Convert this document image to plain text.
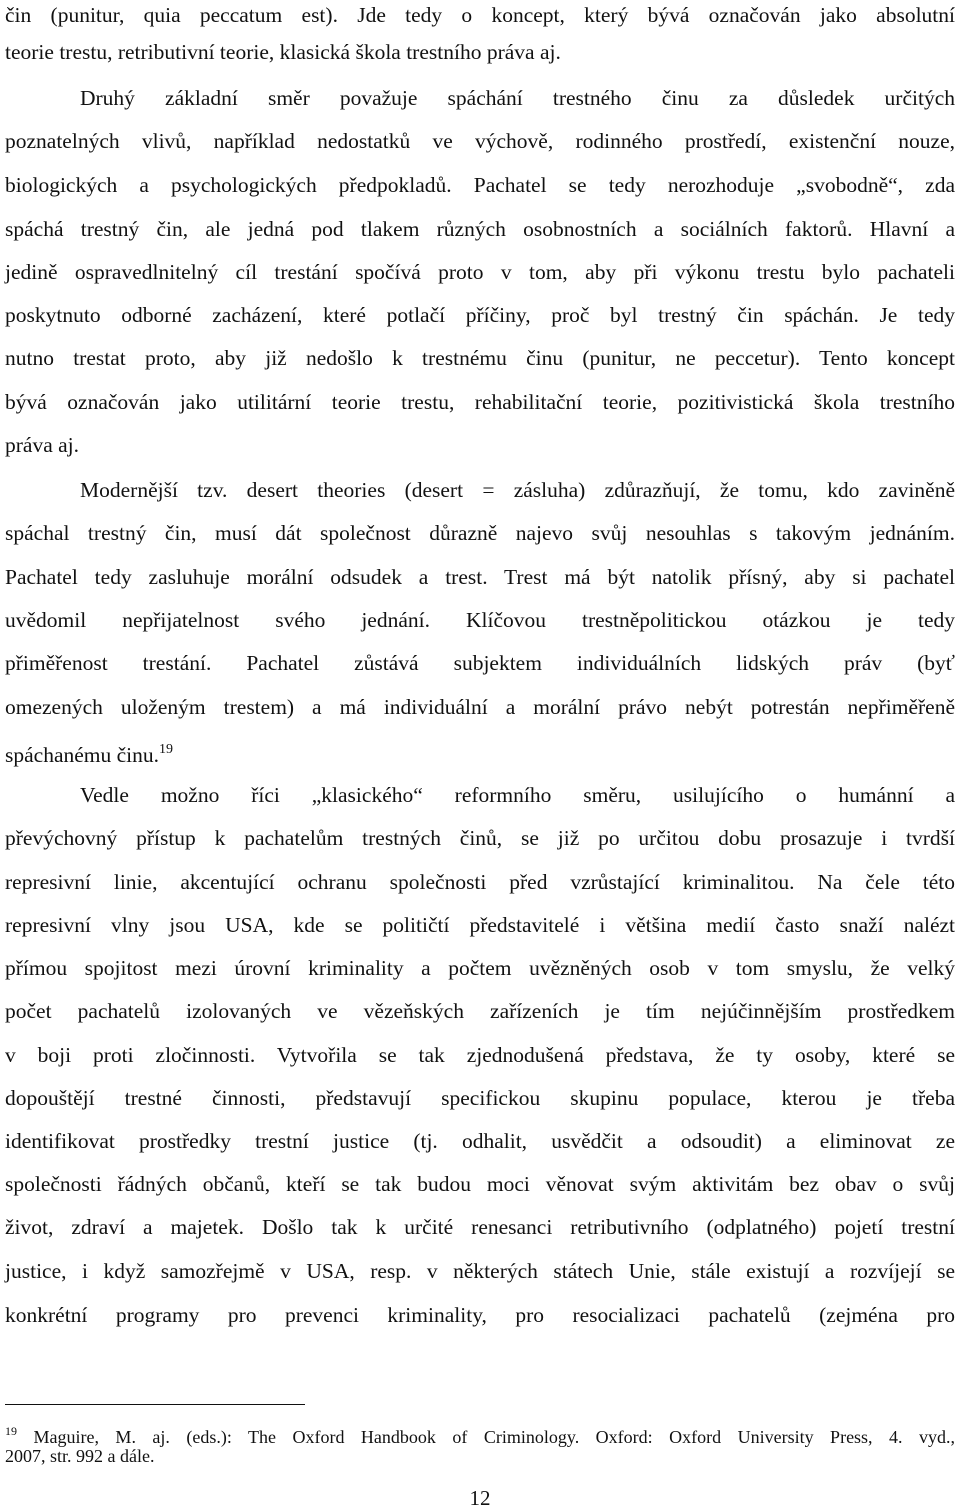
čin (punitur, quia peccatum est). Jde tedy o koncept, který bývá označován jako absolutní
teorie trestu, retributivní teorie, klasická škola trestního práva aj.
Druhý základní směr považuje spáchání trestného činu za důsledek určitých
poznatelných vlivů, například nedostatků ve výchově, rodinného prostředí, existenční nouze,
biologických a psychologických předpokladů. Pachatel se tedy nerozhoduje „svobodně“, zda
spáchá trestný čin, ale jedná pod tlakem různých osobnostních a sociálních faktorů. Hlavní a
jedině ospravedlnitelný cíl trestání spočívá proto v tom, aby při výkonu trestu bylo pachateli
poskytnuto odborné zacházení, které potlačí příčiny, proč byl trestný čin spáchán. Je tedy
nutno trestat proto, aby již nedošlo k trestnému činu (punitur, ne peccetur). Tento koncept
bývá označován jako utilitární teorie trestu, rehabilitační teorie, pozitivistická škola trestního
práva aj.
Modernější tzv. desert theories (desert = zásluha) zdůrazňují, že tomu, kdo zaviněně
spáchal trestný čin, musí dát společnost důrazně najevo svůj nesouhlas s takovým jednáním.
Pachatel tedy zasluhuje morální odsudek a trest. Trest má být natolik přísný, aby si pachatel
uvědomil nepřijatelnost svého jednání. Klíčovou trestněpolitickou otázkou je tedy
přiměřenost trestání. Pachatel zůstává subjektem individuálních lidských práv (byť
omezených uloženým trestem) a má individuální a morální právo nebýt potrestán nepřiměřeně
spáchanému činu.$^{19}$
Vedle možno říci „klasického“ reformního směru, usilujícího o humánní a
převýchovný přístup k pachatelům trestných činů, se již po určitou dobu prosazuje i tvrdší
represivní linie, akcentující ochranu společnosti před vzrůstající kriminalitou. Na čele této
represivní vlny jsou USA, kde se političtí představitelé i většina medií často snaží nalézt
přímou spojitost mezi úrovní kriminality a počtem uvězněných osob v tom smyslu, že velký
počet pachatelů izolovaných ve vězeňských zařízeních je tím nejúčinnějším prostředkem
v boji proti zločinnosti. Vytvořila se tak zjednodušená představa, že ty osoby, které se
dopouštějí trestné činnosti, představují specifickou skupinu populace, kterou je třeba
identifikovat prostředky trestní justice (tj. odhalit, usvědčit a odsoudit) a eliminovat ze
společnosti řádných občanů, kteří se tak budou moci věnovat svým aktivitám bez obav o svůj
život, zdraví a majetek. Došlo tak k určité renesanci retributivního (odplatného) pojetí trestní
justice, i když samozřejmě v USA, resp. v některých státech Unie, stále existují a rozvíjejí se
konkrétní programy pro prevenci kriminality, pro resocializaci pachatelů (zejména pro
$^{19}$ Maguire, M. aj. (eds.): The Oxford Handbook of Criminology. Oxford: Oxford University Press, 4. vyd.,
2007, str. 992 a dále.
12
